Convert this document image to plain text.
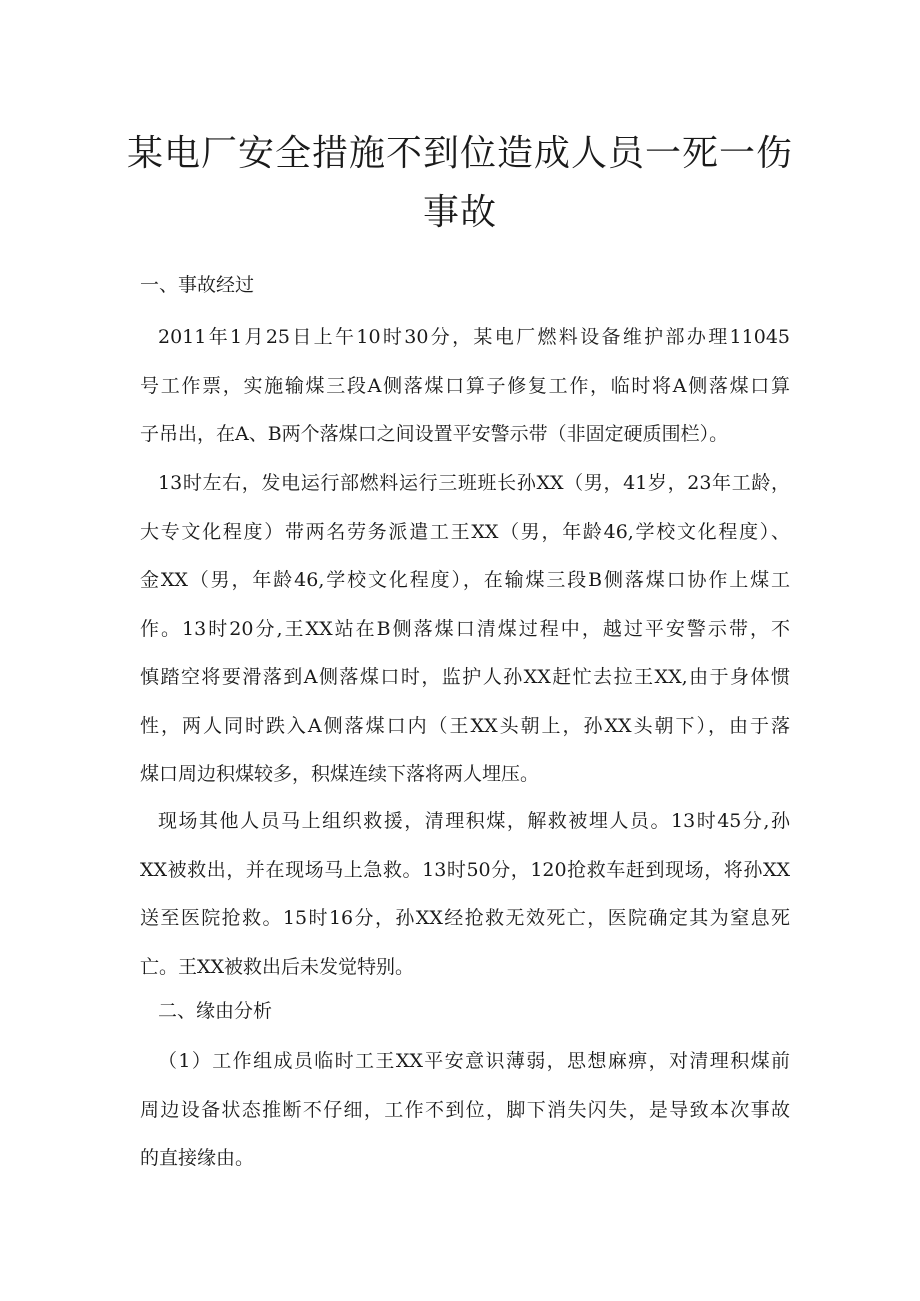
某电厂安全措施不到位造成人员一死一伤
事故
一、事故经过
2011年1月25日上午10时30分，某电厂燃料设备维护部办理11045
号工作票，实施输煤三段A侧落煤口算子修复工作，临时将A侧落煤口算
子吊出，在A、B两个落煤口之间设置平安警示带（非固定硬质围栏）。
13时左右，发电运行部燃料运行三班班长孙XX（男，41岁，23年工龄，
大专文化程度）带两名劳务派遣工王XX（男，年龄46,学校文化程度）、
金XX（男，年龄46,学校文化程度），在输煤三段B侧落煤口协作上煤工
作。13时20分,王XX站在B侧落煤口清煤过程中，越过平安警示带，不
慎踏空将要滑落到A侧落煤口时，监护人孙XX赶忙去拉王XX,由于身体惯
性，两人同时跌入A侧落煤口内（王XX头朝上，孙XX头朝下），由于落
煤口周边积煤较多，积煤连续下落将两人埋压。
现场其他人员马上组织救援，清理积煤，解救被埋人员。13时45分,孙
XX被救出，并在现场马上急救。13时50分，120抢救车赶到现场，将孙XX
送至医院抢救。15时16分，孙XX经抢救无效死亡，医院确定其为窒息死
亡。王XX被救出后未发觉特别。
二、缘由分析
（1）工作组成员临时工王XX平安意识薄弱，思想麻痹，对清理积煤前
周边设备状态推断不仔细，工作不到位，脚下消失闪失，是导致本次事故
的直接缘由。
